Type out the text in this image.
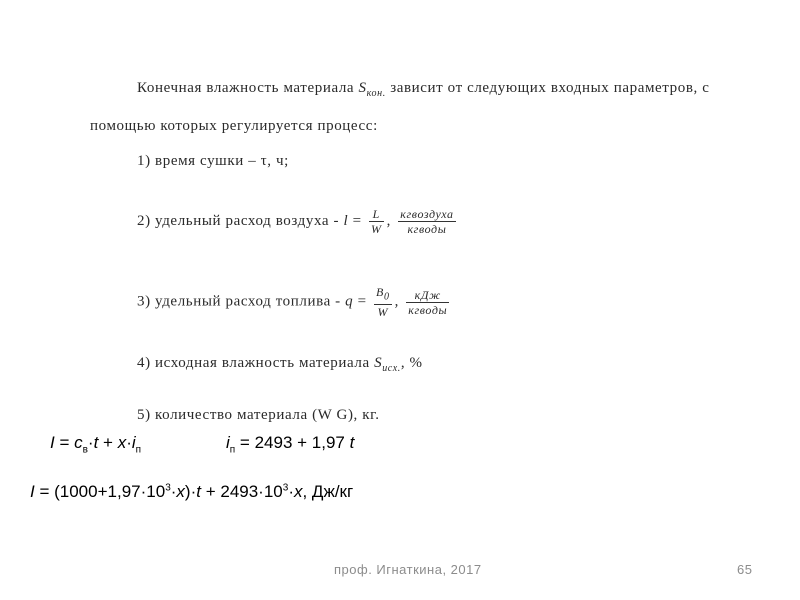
Конечная влажность материала $S_{кон.}$ зависит от следующих входных параметров, с
помощью которых регулируется процесс:
1) время сушки – τ, ч;
2) удельный расход воздуха - $l = \frac{L}{W}$ , $\frac{\text{кгвоздуха}}{\text{кгводы}}$
3) удельный расход топлива - $q = \frac{B_0}{W}$ , $\frac{\text{кДж}}{\text{кгводы}}$
4) исходная влажность материала $S_{исх.}$, %
5) количество материала (W G), кг.
$I = c_в\cdot t + x\cdot i_п$	$i_п = 2493 + 1,97$ t
$I = (1000+1,97\cdot 10^3\cdot x)\cdot t + 2493\cdot 10^3\cdot x$, Дж/кг
проф. Игнаткина, 2017	65
